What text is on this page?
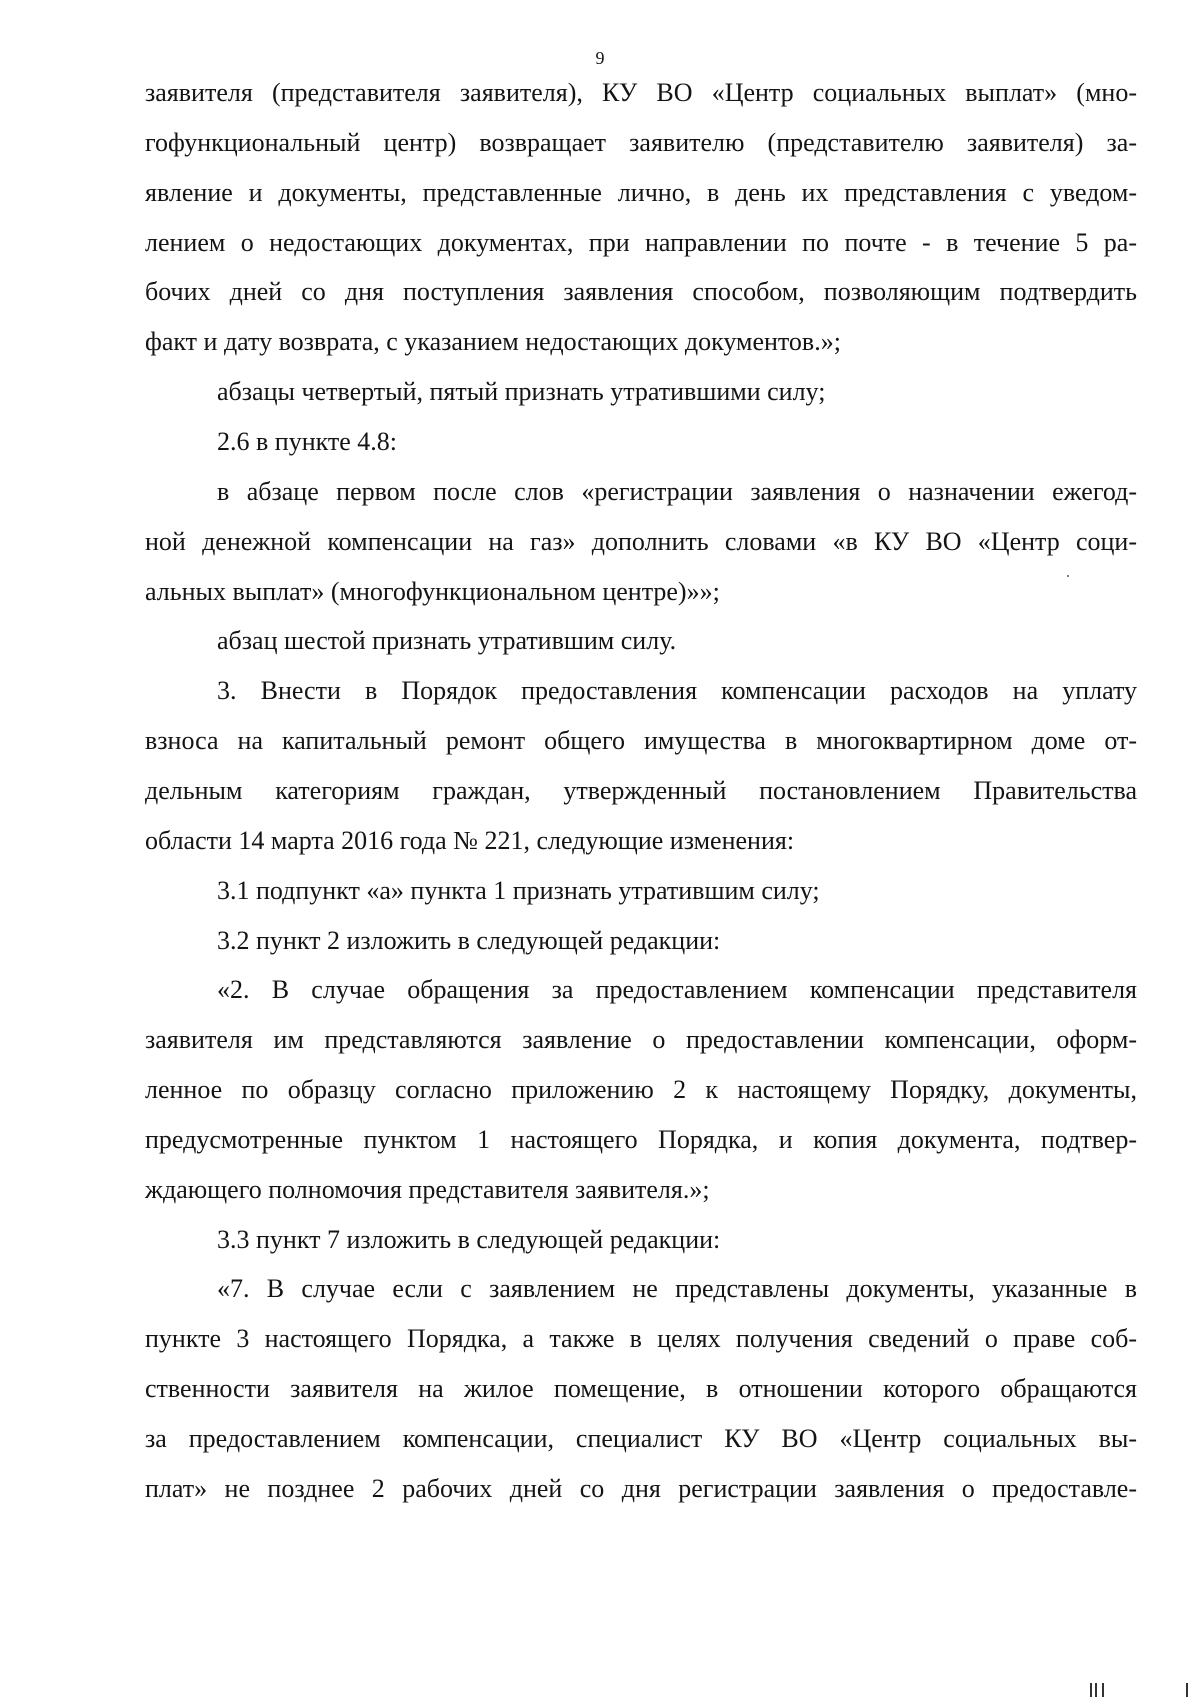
9
заявителя (представителя заявителя), КУ ВО «Центр социальных выплат» (мно-
гофункциональный центр) возвращает заявителю (представителю заявителя) за-
явление и документы, представленные лично, в день их представления с уведом-
лением о недостающих документах, при направлении по почте - в течение 5 ра-
бочих дней со дня поступления заявления способом, позволяющим подтвердить
факт и дату возврата, с указанием недостающих документов.»;
абзацы четвертый, пятый признать утратившими силу;
2.6 в пункте 4.8:
в абзаце первом после слов «регистрации заявления о назначении ежегод-
ной денежной компенсации на газ» дополнить словами «в КУ ВО «Центр соци-
альных выплат» (многофункциональном центре)»»;
абзац шестой признать утратившим силу.
3. Внести в Порядок предоставления компенсации расходов на уплату
взноса на капитальный ремонт общего имущества в многоквартирном доме от-
дельным категориям граждан, утвержденный постановлением Правительства
области 14 марта 2016 года № 221, следующие изменения:
3.1 подпункт «а» пункта 1 признать утратившим силу;
3.2 пункт 2 изложить в следующей редакции:
«2. В случае обращения за предоставлением компенсации представителя
заявителя им представляются заявление о предоставлении компенсации, оформ-
ленное по образцу согласно приложению 2 к настоящему Порядку, документы,
предусмотренные пунктом 1 настоящего Порядка, и копия документа, подтвер-
ждающего полномочия представителя заявителя.»;
3.3 пункт 7 изложить в следующей редакции:
«7. В случае если с заявлением не представлены документы, указанные в
пункте 3 настоящего Порядка, а также в целях получения сведений о праве соб-
ственности заявителя на жилое помещение, в отношении которого обращаются
за предоставлением компенсации, специалист КУ ВО «Центр социальных вы-
плат» не позднее 2 рабочих дней со дня регистрации заявления о предоставле-
